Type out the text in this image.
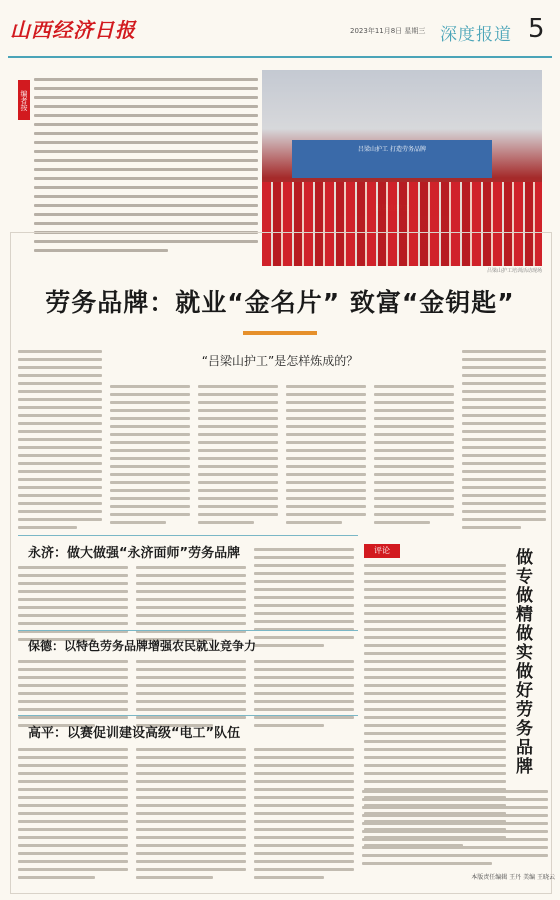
山西经济日报	2023年11月8日 星期三 深度报道 5
编者按
吕梁山护工 打造劳务品牌
吕梁山护工培训活动现场
劳务品牌：就业“金名片” 致富“金钥匙”
“吕梁山护工”是怎样炼成的？
永济：做大做强“永济面师”劳务品牌
保德：以特色劳务品牌增强农民就业竞争力
高平：以赛促训建设高级“电工”队伍
评论	做专做精做实做好劳务品牌
本版责任编辑 王丹 美编 王晓云
